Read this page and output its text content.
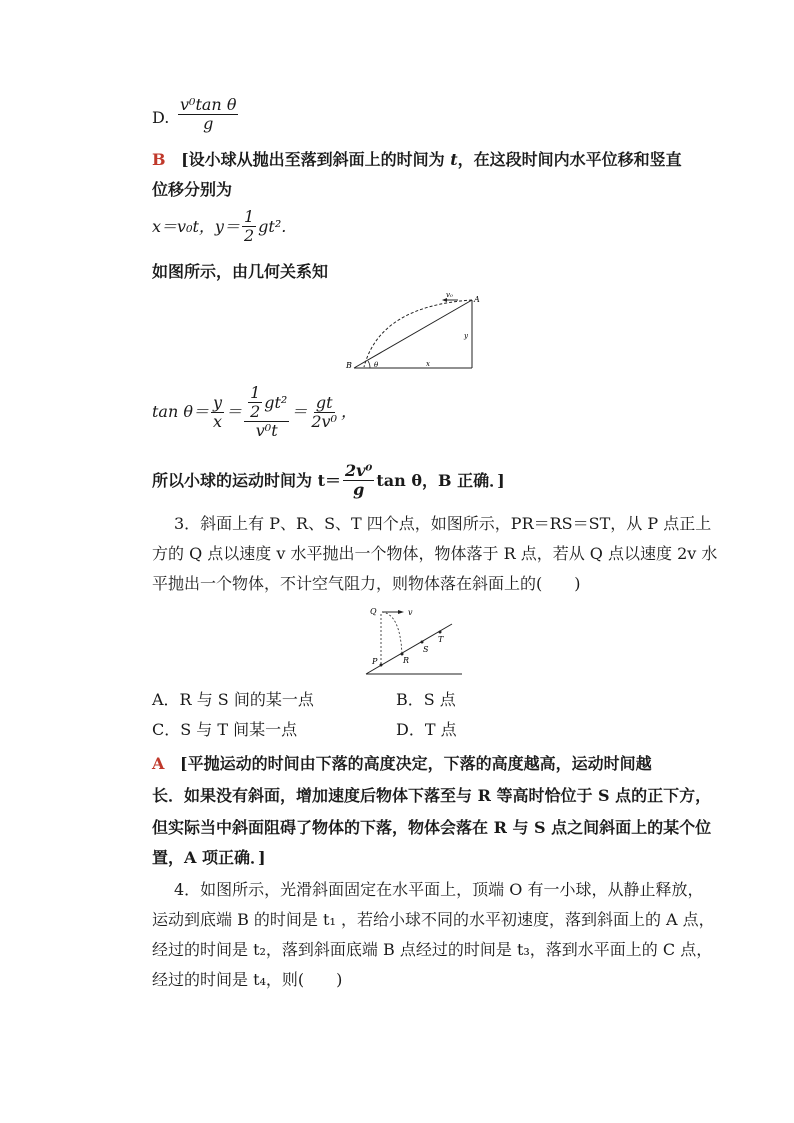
D. $\frac{\text{v⁰tan θ}}{g}$
B [设小球从抛出至落到斜面上的时间为 t，在这段时间内水平位移和竖直
位移分别为
x＝v₀t，$y= \frac{1}{2} gt^2$.
如图所示，由几何关系知
A
B	θ	x
y
v₀
$\tan \theta= \frac{y}{x} = \frac{\frac{1}{2} gt^2}{\text{v⁰t}} = \frac{gt}{\text{2v⁰}}$ ，
所以小球的运动时间为 $t= \frac{\text{2v⁰}}{g}$ tan θ，B 正确．]
3．斜面上有 P、R、S、T 四个点，如图所示，PR＝RS＝ST，从 P 点正上
方的 Q 点以速度 v 水平抛出一个物体，物体落于 R 点，若从 Q 点以速度 2v 水
平抛出一个物体，不计空气阻力，则物体落在斜面上的(　　)
Q	v
P	R
S
T
A．R 与 S 间的某一点	B．S 点
C．S 与 T 间某一点	D．T 点
A [平抛运动的时间由下落的高度决定，下落的高度越高，运动时间越
长．如果没有斜面，增加速度后物体下落至与 R 等高时恰位于 S 点的正下方，
但实际当中斜面阻碍了物体的下落，物体会落在 R 与 S 点之间斜面上的某个位
置，A 项正确．]
4．如图所示，光滑斜面固定在水平面上，顶端 O 有一小球，从静止释放，
运动到底端 B 的时间是 t₁ ，若给小球不同的水平初速度，落到斜面上的 A 点，
经过的时间是 t₂，落到斜面底端 B 点经过的时间是 t₃，落到水平面上的 C 点，
经过的时间是 t₄，则(　　)
